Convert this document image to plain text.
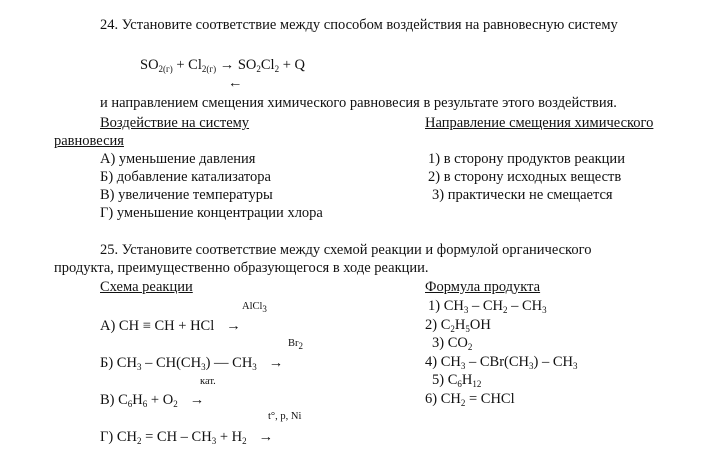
24. Установите соответствие между способом воздействия на равновесную систему
$SO_{2(г)} + Cl_{2(г)} \to SO_2Cl_2 + Q$
←
и направлением смещения химического равновесия в результате этого воздействия.
Воздействие на систему	Направление смещения химического
равновесия
А) уменьшение давления
Б) добавление катализатора
В) увеличение температуры
Г) уменьшение концентрации хлора
1) в сторону продуктов реакции
2) в сторону исходных веществ
3) практически не смещается
25. Установите соответствие между схемой реакции и формулой органического
продукта, преимущественно образующегося в ходе реакции.
Схема реакции	Формула продукта
AlCl$_3$
$Br_2$
кат.
t°, p, Ni
А) CH ≡ CH + HCl →
Б) $CH_3 - CH(CH_3)$ — $CH_3$ →
В) $C_6H_6 + O_2$ →
Г) $CH_2$ = CH – $CH_3 + H_2$ →
1) $CH_3 - CH_2 - CH_3$
2) $C_2H_5OH$
3) $CO_2$
4) $CH_3 - CBr(CH_3) - CH_3$
5) $C_6H_{12}$
6) $CH_2$ = CHCl
